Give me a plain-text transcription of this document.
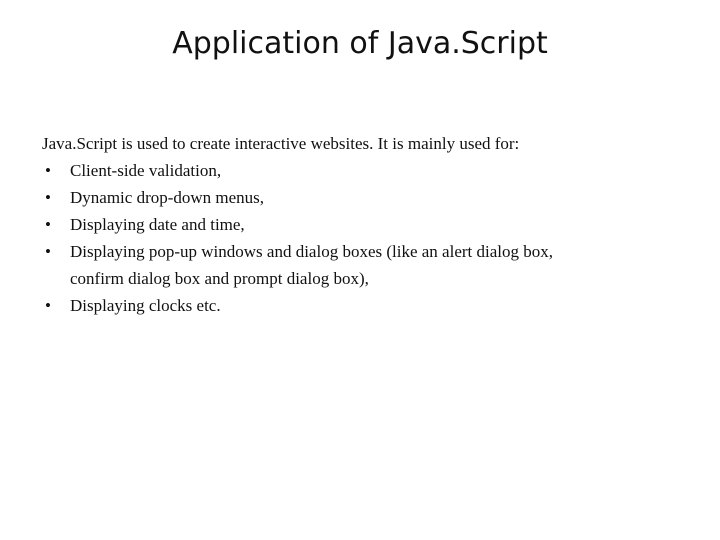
Application of Java.Script

Java.Script is used to create interactive websites. It is mainly used for:

• Client-side validation,
• Dynamic drop-down menus,
• Displaying date and time,
• Displaying pop-up windows and dialog boxes (like an alert dialog box,
confirm dialog box and prompt dialog box),
• Displaying clocks etc.
